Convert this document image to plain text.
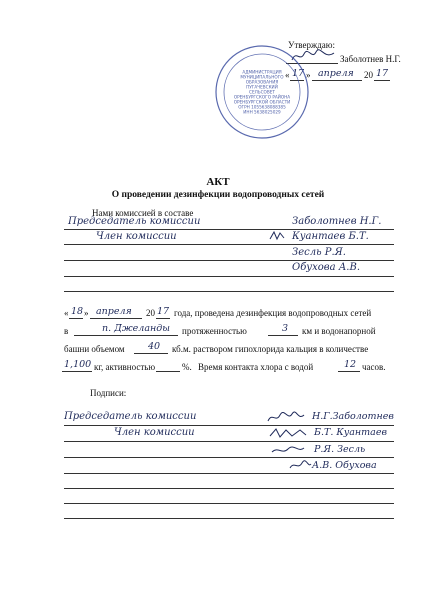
Утверждаю:
Заболотнев Н.Г.
« 17 » апреля 20 17
АДМИНИСТРАЦИЯ
МУНИЦИПАЛЬНОГО
ОБРАЗОВАНИЯ
ПУГАЧЕВСКИЙ
СЕЛЬСОВЕТ
ОРЕНБУРГСКОГО РАЙОНА
ОРЕНБУРГСКОЙ ОБЛАСТИ
ОГРН 1055638088385
ИНН 5638025029
АКТ
О проведении дезинфекции водопроводных сетей
Нами комиссией в составе
Председатель комиссии	Заболотнев Н.Г.
Член комиссии	Куантаев Б.Т.
Зесль Р.Я.
Обухова А.В.
« 18 » апреля 20 17 года, проведена дезинфекция водопроводных сетей
в	п. Джеланды протяженностью	3 км и водонапорной
башни объемом 40 кб.м. раствором гипохлорида кальция в количестве
1,100 кг, активностью	%. Время контакта хлора с водой	12 часов.
Подписи:
Председатель комиссии	Н.Г.Заболотнев
Член комиссии	Б.Т. Куантаев
Р.Я. Зесль
А.В. Обухова
